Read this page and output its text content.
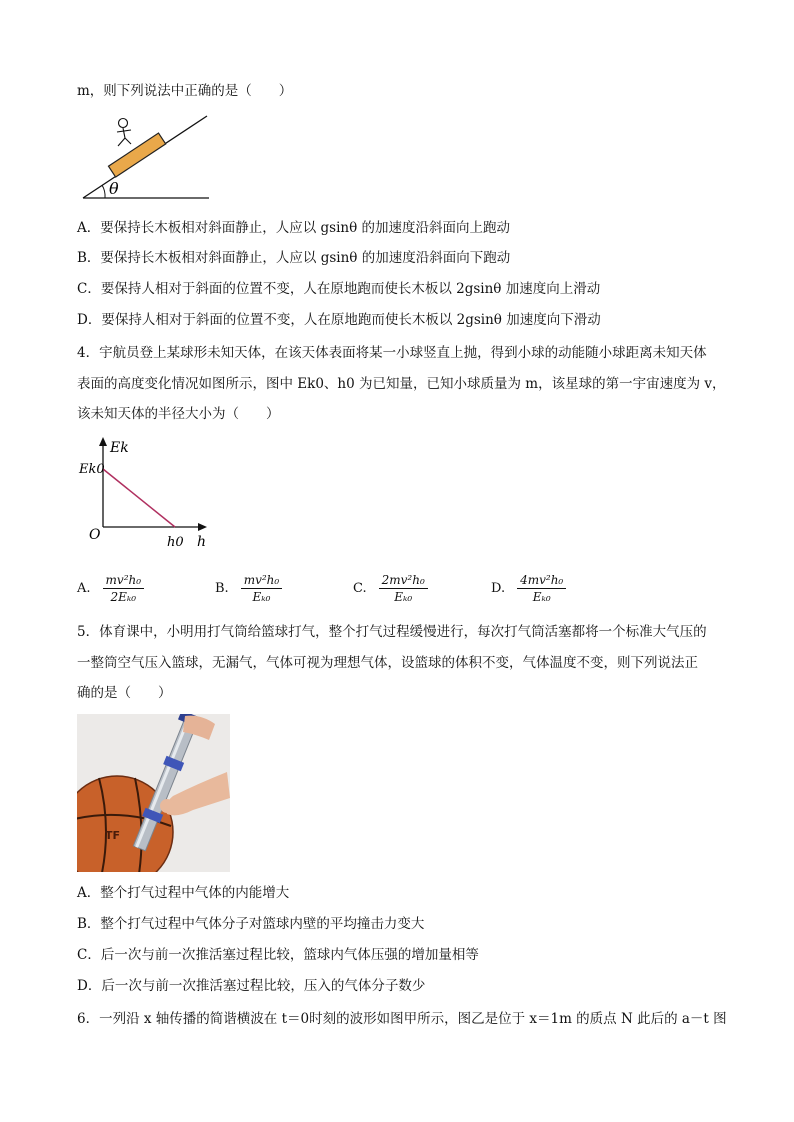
m，则下列说法中正确的是（　　）
θ
A．要保持长木板相对斜面静止，人应以 gsinθ 的加速度沿斜面向上跑动
B．要保持长木板相对斜面静止，人应以 gsinθ 的加速度沿斜面向下跑动
C．要保持人相对于斜面的位置不变，人在原地跑而使长木板以 2gsinθ 加速度向上滑动
D．要保持人相对于斜面的位置不变，人在原地跑而使长木板以 2gsinθ 加速度向下滑动
4．宇航员登上某球形未知天体，在该天体表面将某一小球竖直上抛，得到小球的动能随小球距离未知天体
表面的高度变化情况如图所示，图中 Ek0、h0 为已知量，已知小球质量为 m，该星球的第一宇宙速度为 v，
该未知天体的半径大小为（　　）
Ek
Ek0
O	h0 h
A. $\frac{\text{mv²h₀}}{\text{2Eₖ₀}}$	B. $\frac{\text{mv²h₀}}{\text{Eₖ₀}}$	C. $\frac{\text{2mv²h₀}}{\text{Eₖ₀}}$	D. $\frac{\text{4mv²h₀}}{\text{Eₖ₀}}$
5．体育课中，小明用打气筒给篮球打气，整个打气过程缓慢进行，每次打气筒活塞都将一个标准大气压的
一整筒空气压入篮球，无漏气，气体可视为理想气体，设篮球的体积不变，气体温度不变，则下列说法正
确的是（　　）
TF
A．整个打气过程中气体的内能增大
B．整个打气过程中气体分子对篮球内壁的平均撞击力变大
C．后一次与前一次推活塞过程比较，篮球内气体压强的增加量相等
D．后一次与前一次推活塞过程比较，压入的气体分子数少
6．一列沿 x 轴传播的简谐横波在 t＝0时刻的波形如图甲所示，图乙是位于 x＝1m 的质点 N 此后的 a－t 图
